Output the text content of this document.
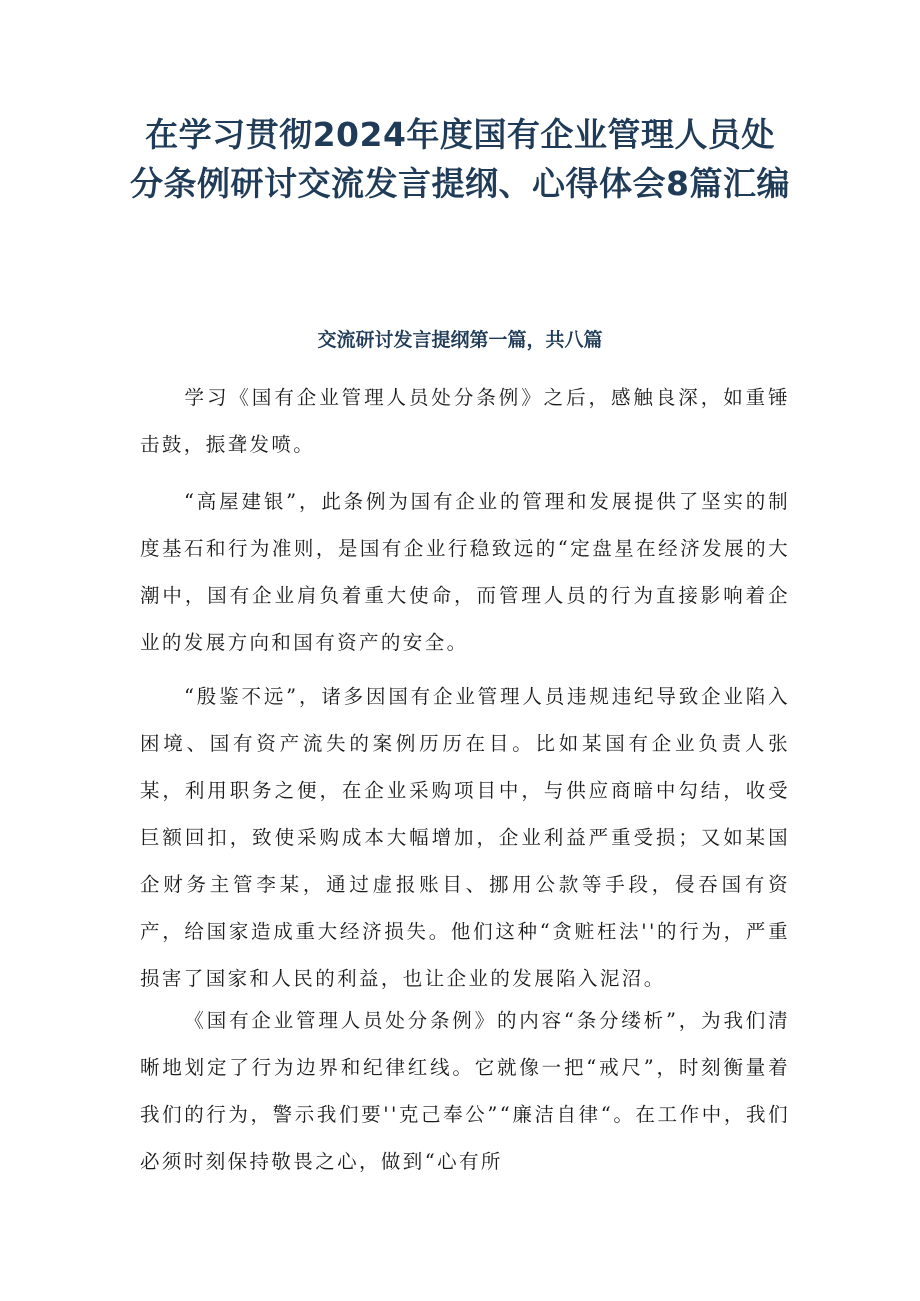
在学习贯彻2024年度国有企业管理人员处分条例研讨交流发言提纲、心得体会8篇汇编
交流研讨发言提纲第一篇，共八篇

学习《国有企业管理人员处分条例》之后，感触良深，如重锤击鼓，振聋发喷。

“高屋建银”，此条例为国有企业的管理和发展提供了坚实的制度基石和行为准则，是国有企业行稳致远的“定盘星在经济发展的大潮中，国有企业肩负着重大使命，而管理人员的行为直接影响着企业的发展方向和国有资产的安全。

“殷鉴不远”，诸多因国有企业管理人员违规违纪导致企业陷入困境、国有资产流失的案例历历在目。比如某国有企业负责人张某，利用职务之便，在企业采购项目中，与供应商暗中勾结，收受巨额回扣，致使采购成本大幅增加，企业利益严重受损；又如某国企财务主管李某，通过虚报账目、挪用公款等手段，侵吞国有资产，给国家造成重大经济损失。他们这种“贪赃枉法''的行为，严重损害了国家和人民的利益，也让企业的发展陷入泥沼。

《国有企业管理人员处分条例》的内容“条分缕析”，为我们清晰地划定了行为边界和纪律红线。它就像一把“戒尺”，时刻衡量着我们的行为，警示我们要''克己奉公”“廉洁自律“。在工作中，我们必须时刻保持敬畏之心，做到“心有所
